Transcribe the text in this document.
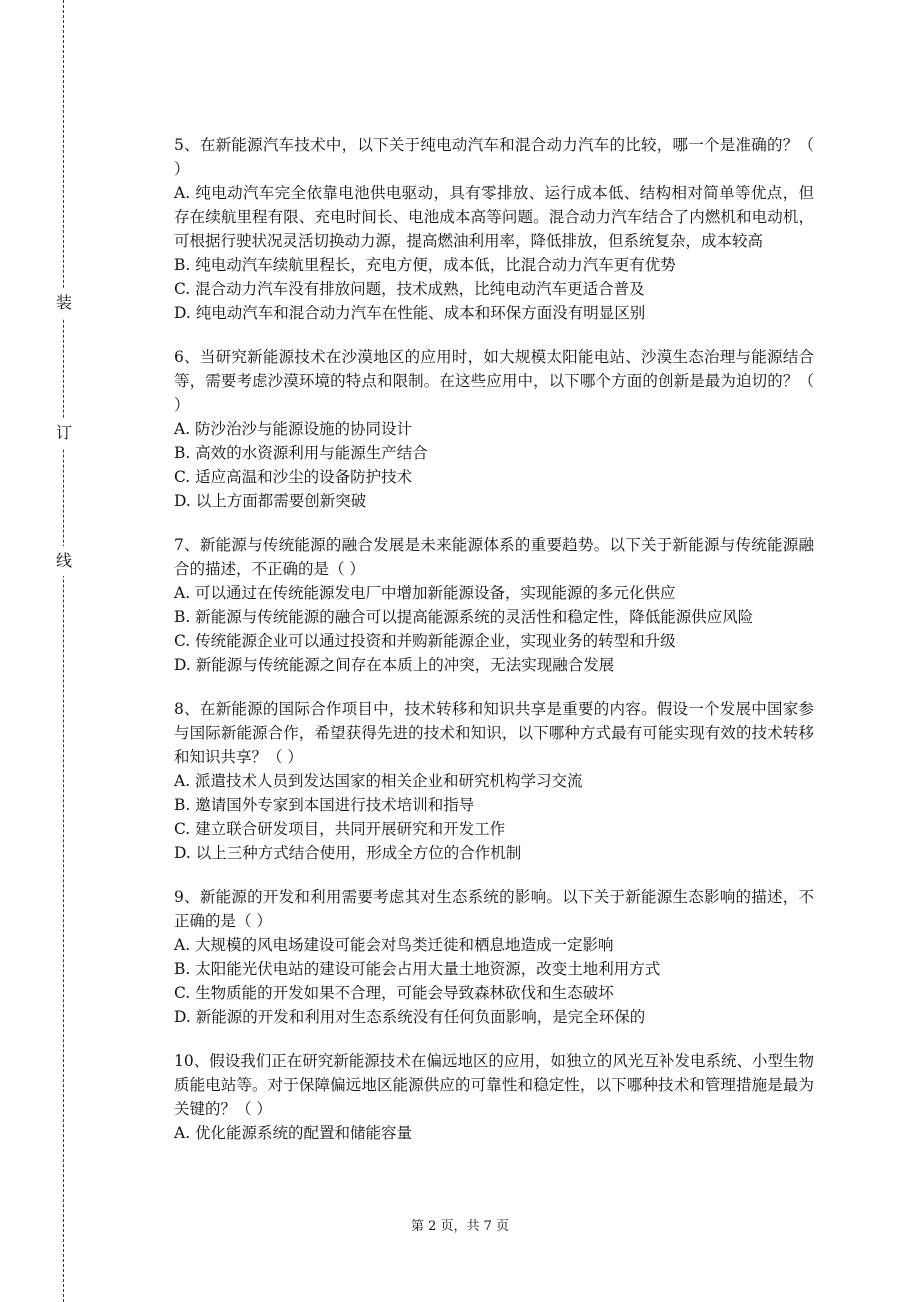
装
订
线

5、在新能源汽车技术中，以下关于纯电动汽车和混合动力汽车的比较，哪一个是准确的？（ ）

A. 纯电动汽车完全依靠电池供电驱动，具有零排放、运行成本低、结构相对简单等优点，但存在续航里程有限、充电时间长、电池成本高等问题。混合动力汽车结合了内燃机和电动机，可根据行驶状况灵活切换动力源，提高燃油利用率，降低排放，但系统复杂，成本较高

B. 纯电动汽车续航里程长，充电方便，成本低，比混合动力汽车更有优势

C. 混合动力汽车没有排放问题，技术成熟，比纯电动汽车更适合普及

D. 纯电动汽车和混合动力汽车在性能、成本和环保方面没有明显区别

6、当研究新能源技术在沙漠地区的应用时，如大规模太阳能电站、沙漠生态治理与能源结合等，需要考虑沙漠环境的特点和限制。在这些应用中，以下哪个方面的创新是最为迫切的？（ ）

A. 防沙治沙与能源设施的协同设计

B. 高效的水资源利用与能源生产结合

C. 适应高温和沙尘的设备防护技术

D. 以上方面都需要创新突破

7、新能源与传统能源的融合发展是未来能源体系的重要趋势。以下关于新能源与传统能源融合的描述，不正确的是（ ）

A. 可以通过在传统能源发电厂中增加新能源设备，实现能源的多元化供应

B. 新能源与传统能源的融合可以提高能源系统的灵活性和稳定性，降低能源供应风险

C. 传统能源企业可以通过投资和并购新能源企业，实现业务的转型和升级

D. 新能源与传统能源之间存在本质上的冲突，无法实现融合发展

8、在新能源的国际合作项目中，技术转移和知识共享是重要的内容。假设一个发展中国家参与国际新能源合作，希望获得先进的技术和知识，以下哪种方式最有可能实现有效的技术转移和知识共享？（ ）

A. 派遣技术人员到发达国家的相关企业和研究机构学习交流

B. 邀请国外专家到本国进行技术培训和指导

C. 建立联合研发项目，共同开展研究和开发工作

D. 以上三种方式结合使用，形成全方位的合作机制

9、新能源的开发和利用需要考虑其对生态系统的影响。以下关于新能源生态影响的描述，不正确的是（ ）

A. 大规模的风电场建设可能会对鸟类迁徙和栖息地造成一定影响

B. 太阳能光伏电站的建设可能会占用大量土地资源，改变土地利用方式

C. 生物质能的开发如果不合理，可能会导致森林砍伐和生态破坏

D. 新能源的开发和利用对生态系统没有任何负面影响，是完全环保的

10、假设我们正在研究新能源技术在偏远地区的应用，如独立的风光互补发电系统、小型生物质能电站等。对于保障偏远地区能源供应的可靠性和稳定性，以下哪种技术和管理措施是最为关键的？（ ）

A. 优化能源系统的配置和储能容量

第 2 页，共 7 页
